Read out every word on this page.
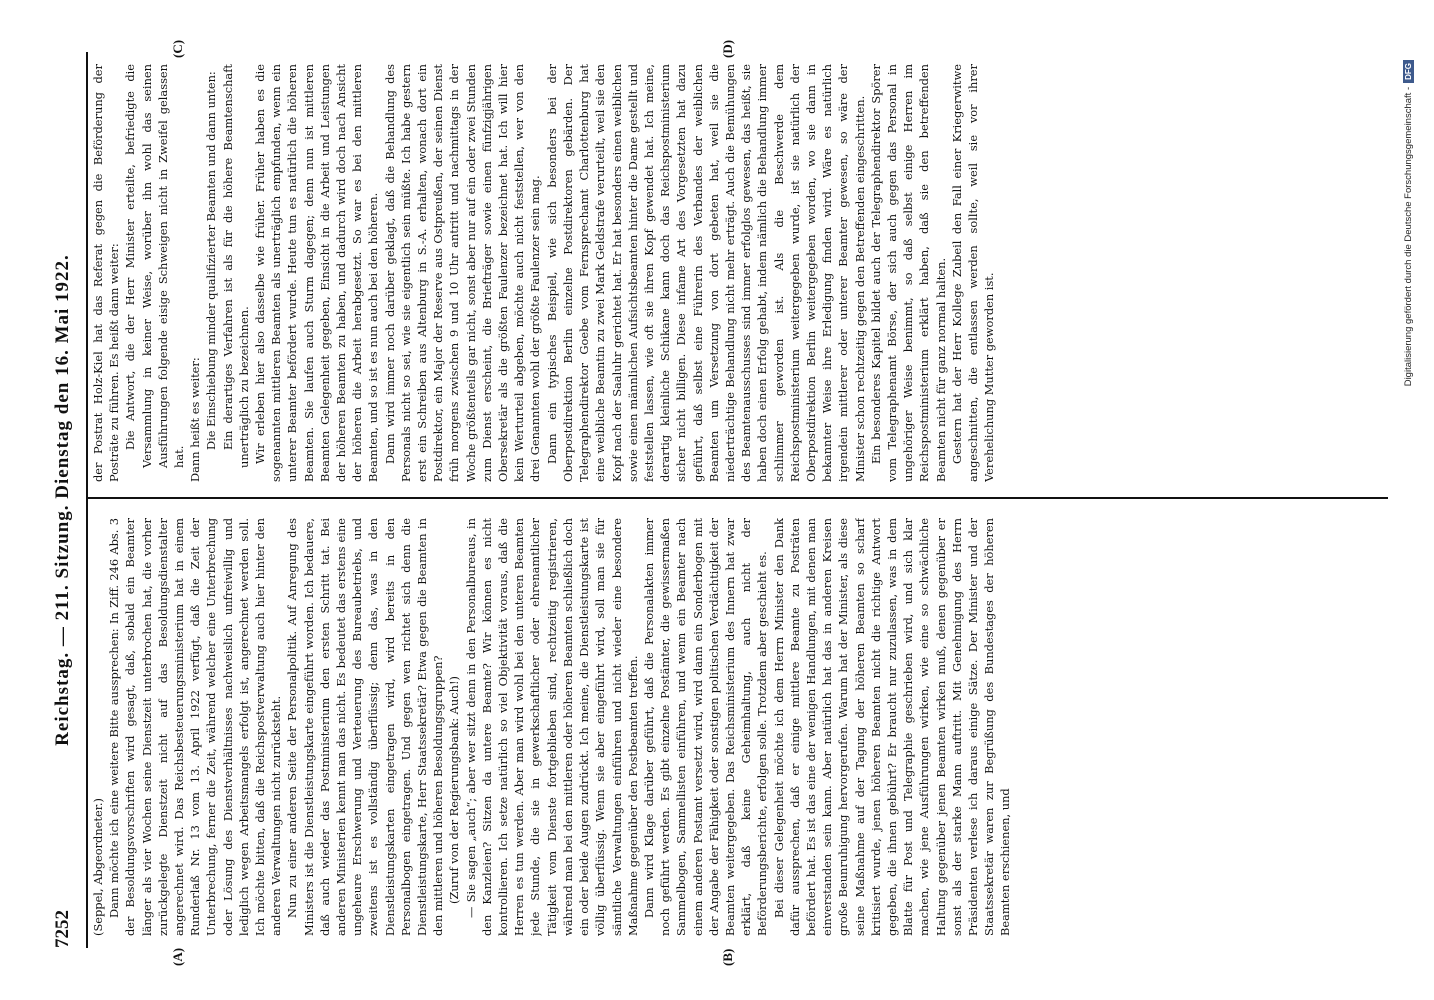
7252
Reichstag. — 211. Sitzung. Dienstag den 16. Mai 1922.
(A)	(B)
(C)	(D)

(Seppel, Abgeordneter.) Dann möchte ich eine weitere Bitte aussprechen: In Ziff. 246 Abs. 3 der Besoldungsvorschriften wird gesagt, daß, sobald ein Beamter länger als vier Wochen seine Dienstzeit unterbrochen hat, die vorher zurückgelegte Dienstzeit nicht auf das Besoldungsdienstalter angerechnet wird. Das Reichsbesteuerungsministerium hat in einem Runderlaß Nr. 13 vom 13. April 1922 verfügt, daß die Zeit der Unterbrechung, ferner die Zeit, während welcher eine Unterbrechung oder Lösung des Dienstverhältnisses nachweislich unfreiwillig und lediglich wegen Arbeitsmangels erfolgt ist, angerechnet werden soll. Ich möchte bitten, daß die Reichspostverwaltung auch hier hinter den anderen Verwaltungen nicht zurücksteht. Nun zu einer anderen Seite der Personalpolitik. Auf Anregung des Ministers ist die Dienstleistungskarte eingeführt worden. Ich bedauere, daß auch wieder das Postministerium den ersten Schritt tat. Bei anderen Ministerien kennt man das nicht. Es bedeutet das erstens eine ungeheure Erschwerung und Verteuerung des Bureaubetriebs, und zweitens ist es vollständig überflüssig; denn das, was in den Dienstleistungskarten eingetragen wird, wird bereits in den Personalbogen eingetragen. Und gegen wen richtet sich denn die Dienstleistungskarte, Herr Staatssekretär? Etwa gegen die Beamten in den mittleren und höheren Besoldungsgruppen? (Zuruf von der Regierungsbank: Auch!) — Sie sagen „auch“; aber wer sitzt denn in den Personalbureaus, in den Kanzleien? Sitzen da untere Beamte? Wir können es nicht kontrollieren. Ich setze natürlich so viel Objektivität voraus, daß die Herren es tun werden. Aber man wird wohl bei den unteren Beamten jede Stunde, die sie in gewerkschaftlicher oder ehrenamtlicher Tätigkeit vom Dienste fortgeblieben sind, rechtzeitig registrieren, während man bei den mittleren oder höheren Beamten schließlich doch ein oder beide Augen zudrückt. Ich meine, die Dienstleistungskarte ist völlig überflüssig. Wenn sie aber eingeführt wird, soll man sie für sämtliche Verwaltungen einführen und nicht wieder eine besondere Maßnahme gegenüber den Postbeamten treffen. Dann wird Klage darüber geführt, daß die Personalakten immer noch geführt werden. Es gibt einzelne Postämter, die gewissermaßen Sammelbogen, Sammellisten einführen, und wenn ein Beamter nach einem anderen Postamt versetzt wird, wird dann ein Sonderbogen mit der Angabe der Fähigkeit oder sonstigen politischen Verdächtigkeit der Beamten weitergegeben. Das Reichsministerium des Innern hat zwar erklärt, daß keine Geheimhaltung, auch nicht der Beförderungsberichte, erfolgen solle. Trotzdem aber geschieht es. Bei dieser Gelegenheit möchte ich dem Herrn Minister den Dank dafür aussprechen, daß er einige mittlere Beamte zu Posträten befördert hat. Es ist das eine der wenigen Handlungen, mit denen man einverstanden sein kann. Aber natürlich hat das in anderen Kreisen große Beunruhigung hervorgerufen. Warum hat der Minister, als diese seine Maßnahme auf der Tagung der höheren Beamten so scharf kritisiert wurde, jenen höheren Beamten nicht die richtige Antwort gegeben, die ihnen gebührt? Er braucht nur zuzulassen, was in dem Blatte für Post und Telegraphie geschrieben wird, und sich klar machen, wie jene Ausführungen wirken, wie eine so schwächliche Haltung gegenüber jenen Beamten wirken muß, denen gegenüber er sonst als der starke Mann auftritt. Mit Genehmigung des Herrn Präsidenten verlese ich daraus einige Sätze. Der Minister und der Staatssekretär waren zur Begrüßung des Bundestages der höheren Beamten erschienen, und

der Postrat Holz-Kiel hat das Referat gegen die Beförderung der Posträte zu führen. Es heißt dann weiter: Die Antwort, die der Herr Minister erteilte, befriedigte die Versammlung in keiner Weise, worüber ihn wohl das seinen Ausführungen folgende eisige Schweigen nicht in Zweifel gelassen hat. Dann heißt es weiter: Die Einschiebung minder qualifizierter Beamten und dann unten: Ein derartiges Verfahren ist als für die höhere Beamtenschaft unerträglich zu bezeichnen. Wir erleben hier also dasselbe wie früher. Früher haben es die sogenannten mittleren Beamten als unerträglich empfunden, wenn ein unterer Beamter befördert wurde. Heute tun es natürlich die höheren Beamten. Sie laufen auch Sturm dagegen; denn nun ist mittleren Beamten Gelegenheit gegeben, Einsicht in die Arbeit und Leistungen der höheren Beamten zu haben, und dadurch wird doch nach Ansicht der höheren die Arbeit herabgesetzt. So war es bei den mittleren Beamten, und so ist es nun auch bei den höheren. Dann wird immer noch darüber geklagt, daß die Behandlung des Personals nicht so sei, wie sie eigentlich sein müßte. Ich habe gestern erst ein Schreiben aus Altenburg in S.-A. erhalten, wonach dort ein Postdirektor, ein Major der Reserve aus Ostpreußen, der seinen Dienst früh morgens zwischen 9 und 10 Uhr antritt und nachmittags in der Woche größtenteils gar nicht, sonst aber nur auf ein oder zwei Stunden zum Dienst erscheint, die Briefträger sowie einen fünfzigjährigen Obersekretär als die größten Faulenzer bezeichnet hat. Ich will hier kein Werturteil abgeben, möchte auch nicht feststellen, wer von den drei Genannten wohl der größte Faulenzer sein mag. Dann ein typisches Beispiel, wie sich besonders bei der Oberpostdirektion Berlin einzelne Postdirektoren gebärden. Der Telegraphendirektor Goebe vom Fernsprechamt Charlottenburg hat eine weibliche Beamtin zu zwei Mark Geldstrafe verurteilt, weil sie den Kopf nach der Saaluhr gerichtet hat. Er hat besonders einen weiblichen sowie einen männlichen Aufsichtsbeamten hinter die Dame gestellt und feststellen lassen, wie oft sie ihren Kopf gewendet hat. Ich meine, derartig kleinliche Schikane kann doch das Reichspostministerium sicher nicht billigen. Diese infame Art des Vorgesetzten hat dazu geführt, daß selbst eine Führerin des Verbandes der weiblichen Beamten um Versetzung von dort gebeten hat, weil sie die niederträchtige Behandlung nicht mehr erträgt. Auch die Bemühungen des Beamtenausschusses sind immer erfolglos gewesen, das heißt, sie haben doch einen Erfolg gehabt, indem nämlich die Behandlung immer schlimmer geworden ist. Als die Beschwerde dem Reichspostministerium weitergegeben wurde, ist sie natürlich der Oberpostdirektion Berlin weitergegeben worden, wo sie dann in bekannter Weise ihre Erledigung finden wird. Wäre es natürlich irgendein mittlerer oder unterer Beamter gewesen, so wäre der Minister schon rechtzeitig gegen den Betreffenden eingeschritten. Ein besonderes Kapitel bildet auch der Telegraphendirektor Spörer vom Telegraphenamt Börse, der sich auch gegen das Personal in ungehöriger Weise benimmt, so daß selbst einige Herren im Reichspostministerium erklärt haben, daß sie den betreffenden Beamten nicht für ganz normal halten. Gestern hat der Herr Kollege Zubeil den Fall einer Kriegerwitwe angeschnitten, die entlassen werden sollte, weil sie vor ihrer Verehelichung Mutter geworden ist.	Digitalisierung gefördert durch die Deutsche Forschungsgemeinschaft -
DFG
